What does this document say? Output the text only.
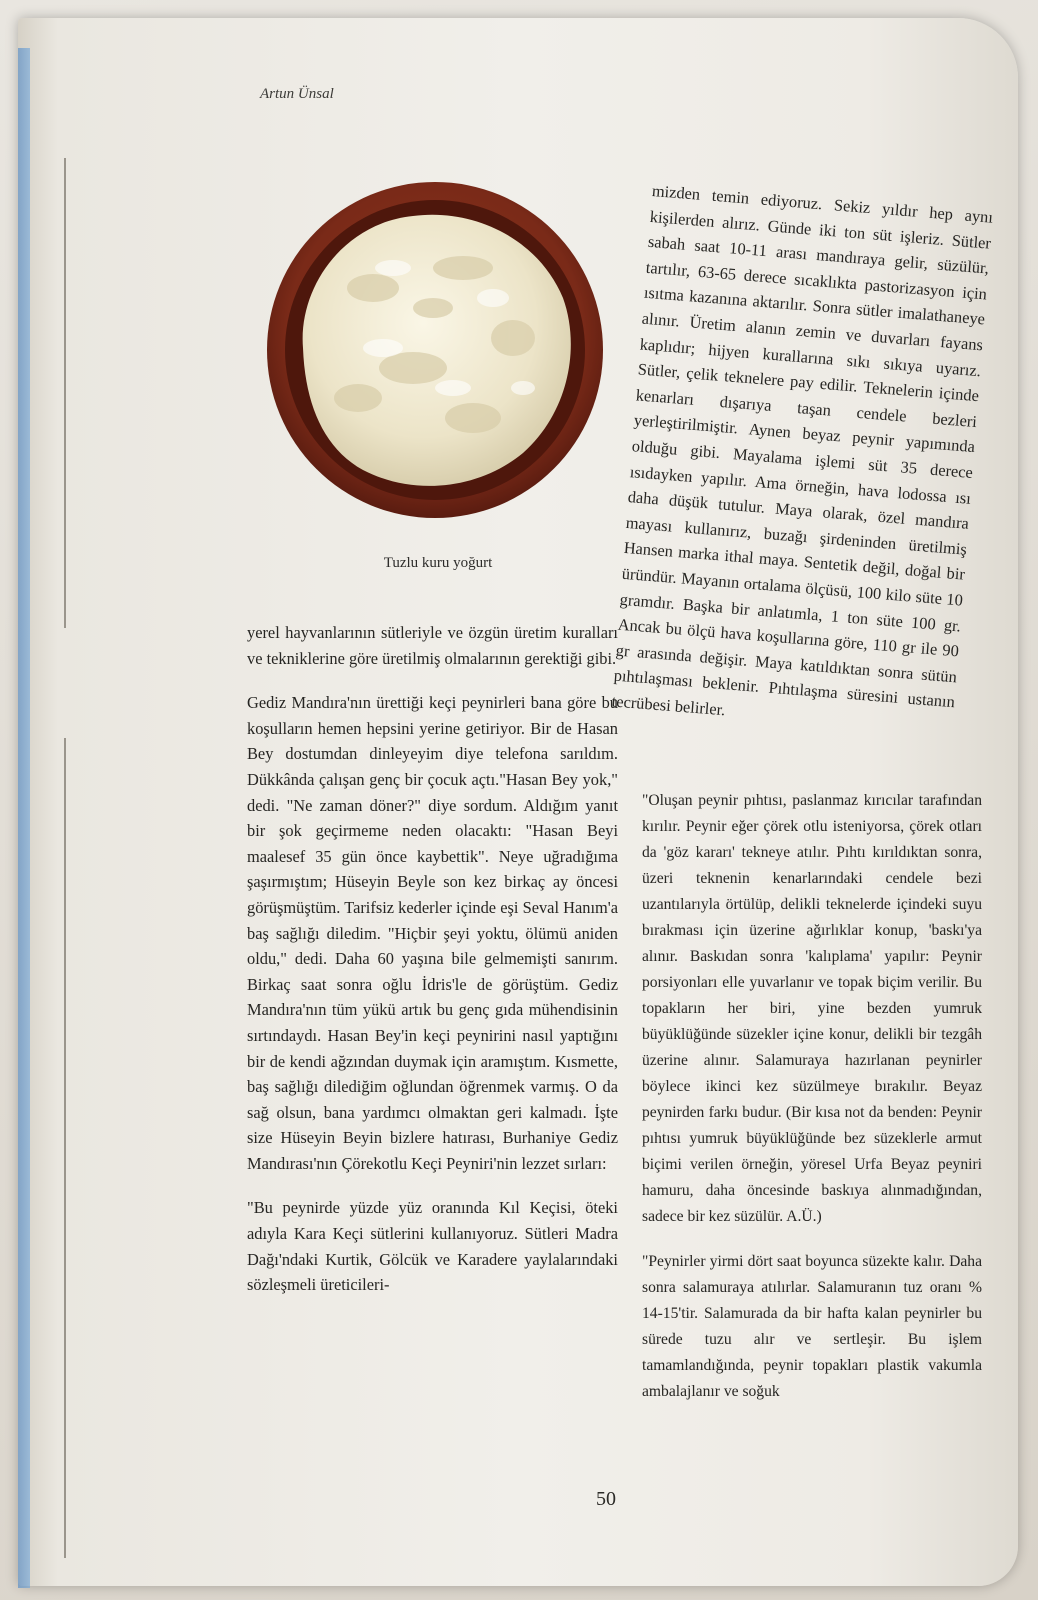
Artun Ünsal
Tuzlu kuru yoğurt

yerel hayvanlarının sütleriyle ve özgün üretim kuralları ve tekniklerine göre üretilmiş olmalarının gerektiği gibi.

Gediz Mandıra'nın ürettiği keçi peynirleri bana göre bu koşulların hemen hepsini yerine getiriyor. Bir de Hasan Bey dostumdan dinleyeyim diye telefona sarıldım. Dükkânda çalışan genç bir çocuk açtı."Hasan Bey yok," dedi. "Ne zaman döner?" diye sordum. Aldığım yanıt bir şok geçirmeme neden olacaktı: "Hasan Beyi maalesef 35 gün önce kaybettik". Neye uğradığıma şaşırmıştım; Hüseyin Beyle son kez birkaç ay öncesi görüşmüştüm. Tarifsiz kederler içinde eşi Seval Hanım'a baş sağlığı diledim. "Hiçbir şeyi yoktu, ölümü aniden oldu," dedi. Daha 60 yaşına bile gelmemişti sanırım. Birkaç saat sonra oğlu İdris'le de görüştüm. Gediz Mandıra'nın tüm yükü artık bu genç gıda mühendisinin sırtındaydı. Hasan Bey'in keçi peynirini nasıl yaptığını bir de kendi ağzından duymak için aramıştım. Kısmette, baş sağlığı dilediğim oğlundan öğrenmek varmış. O da sağ olsun, bana yardımcı olmaktan geri kalmadı. İşte size Hüseyin Beyin bizlere hatırası, Burhaniye Gediz Mandırası'nın Çörekotlu Keçi Peyniri'nin lezzet sırları:

"Bu peynirde yüzde yüz oranında Kıl Keçisi, öteki adıyla Kara Keçi sütlerini kullanıyoruz. Sütleri Madra Dağı'ndaki Kurtik, Gölcük ve Karadere yaylalarındaki sözleşmeli üreticileri-

mizden temin ediyoruz. Sekiz yıldır hep aynı kişilerden alırız. Günde iki ton süt işleriz. Sütler sabah saat 10-11 arası mandıraya gelir, süzülür, tartılır, 63-65 derece sıcaklıkta pastorizasyon için ısıtma kazanına aktarılır. Sonra sütler imalathaneye alınır. Üretim alanın zemin ve duvarları fayans kaplıdır; hijyen kurallarına sıkı sıkıya uyarız. Sütler, çelik teknelere pay edilir. Teknelerin içinde kenarları dışarıya taşan cendele bezleri yerleştirilmiştir. Aynen beyaz peynir yapımında olduğu gibi. Mayalama işlemi süt 35 derece ısıdayken yapılır. Ama örneğin, hava lodossa ısı daha düşük tutulur. Maya olarak, özel mandıra mayası kullanırız, buzağı şirdeninden üretilmiş Hansen marka ithal maya. Sentetik değil, doğal bir üründür. Mayanın ortalama ölçüsü, 100 kilo süte 10 gramdır. Başka bir anlatımla, 1 ton süte 100 gr. Ancak bu ölçü hava koşullarına göre, 110 gr ile 90 gr arasında değişir. Maya katıldıktan sonra sütün pıhtılaşması beklenir. Pıhtılaşma süresini ustanın tecrübesi belirler.

"Oluşan peynir pıhtısı, paslanmaz kırıcılar tarafından kırılır. Peynir eğer çörek otlu isteniyorsa, çörek otları da 'göz kararı' tekneye atılır. Pıhtı kırıldıktan sonra, üzeri teknenin kenarlarındaki cendele bezi uzantılarıyla örtülüp, delikli teknelerde içindeki suyu bırakması için üzerine ağırlıklar konup, 'baskı'ya alınır. Baskıdan sonra 'kalıplama' yapılır: Peynir porsiyonları elle yuvarlanır ve topak biçim verilir. Bu topakların her biri, yine bezden yumruk büyüklüğünde süzekler içine konur, delikli bir tezgâh üzerine alınır. Salamuraya hazırlanan peynirler böylece ikinci kez süzülmeye bırakılır. Beyaz peynirden farkı budur. (Bir kısa not da benden: Peynir pıhtısı yumruk büyüklüğünde bez süzeklerle armut biçimi verilen örneğin, yöresel Urfa Beyaz peyniri hamuru, daha öncesinde baskıya alınmadığından, sadece bir kez süzülür. A.Ü.)

"Peynirler yirmi dört saat boyunca süzekte kalır. Daha sonra salamuraya atılırlar. Salamuranın tuz oranı % 14-15'tir. Salamurada da bir hafta kalan peynirler bu sürede tuzu alır ve sertleşir. Bu işlem tamamlandığında, peynir topakları plastik vakumla ambalajlanır ve soğuk

50
